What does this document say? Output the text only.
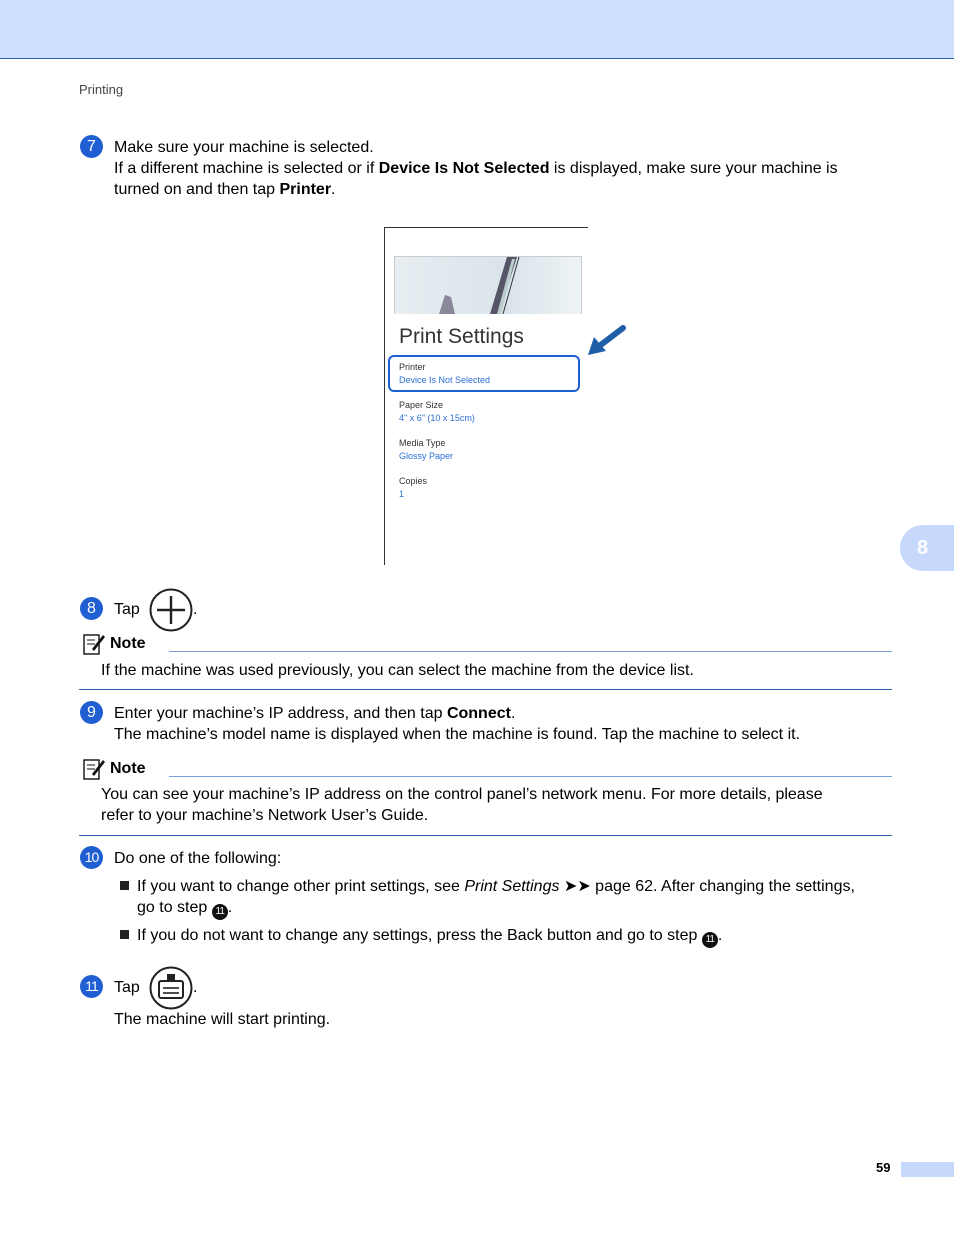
Printing
8
7	Make sure your machine is selected.
If a different machine is selected or if Device Is Not Selected is displayed, make sure your machine is
turned on and then tap Printer.
Print Settings
Printer
Device Is Not Selected
Paper Size
4" x 6" (10 x 15cm)
Media Type
Glossy Paper
Copies
1
8	Tap	.
Note
If the machine was used previously, you can select the machine from the device list.
9	Enter your machine’s IP address, and then tap Connect.
The machine’s model name is displayed when the machine is found. Tap the machine to select it.
Note
You can see your machine’s IP address on the control panel’s network menu. For more details, please
refer to your machine’s Network User’s Guide.
10 Do one of the following:
If you want to change other print settings, see Print Settings ➤➤ page 62. After changing the settings,
go to step 11 .
If you do not want to change any settings, press the Back button and go to step 11 .
11	Tap	.
The machine will start printing.
59
